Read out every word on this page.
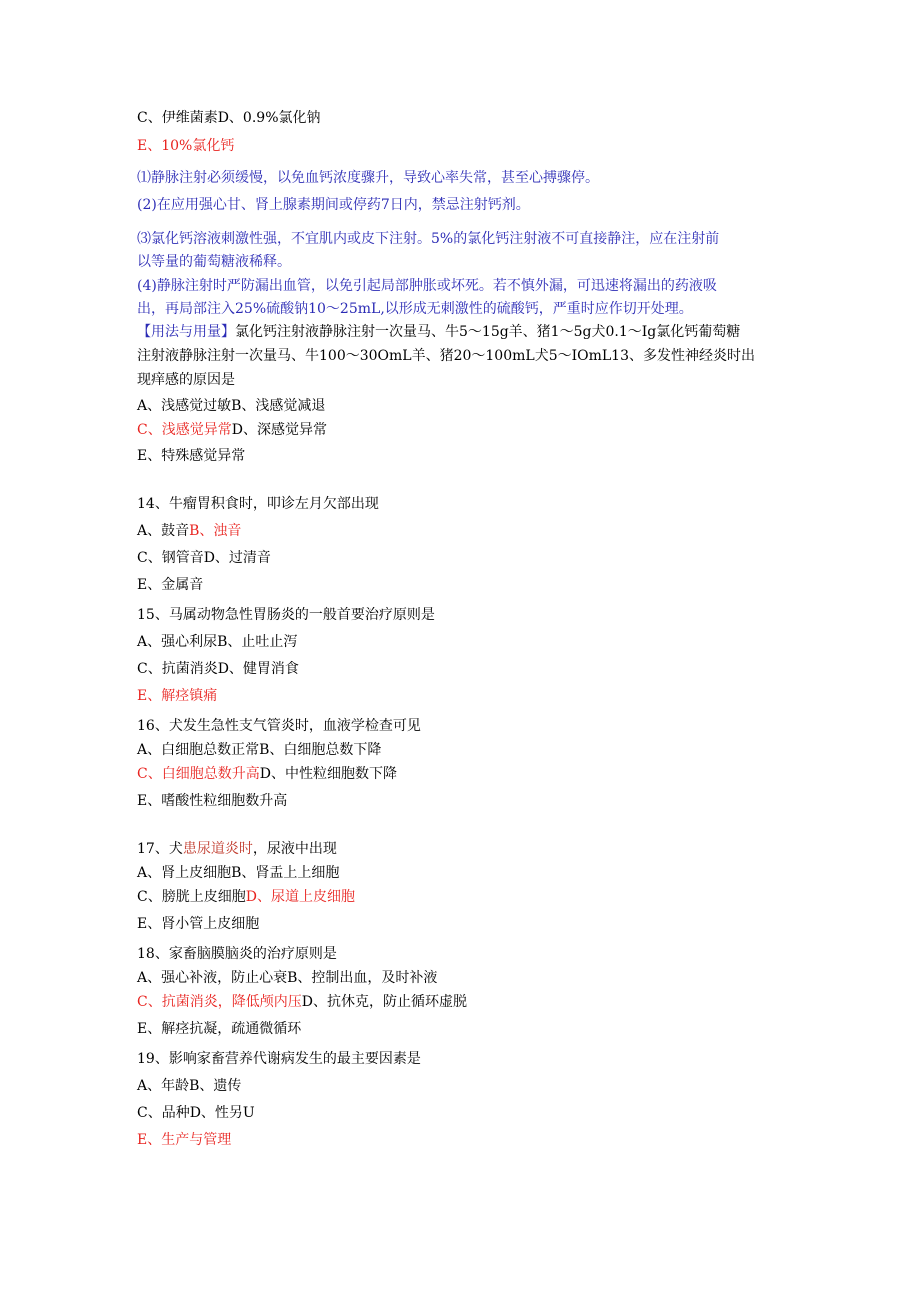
C、伊维菌素D、0.9%氯化钠
E、10%氯化钙
⑴静脉注射必须缓慢，以免血钙浓度骤升，导致心率失常，甚至心搏骤停。
(2)在应用强心甘、肾上腺素期间或停药7日内，禁忌注射钙剂。
⑶氯化钙溶液刺激性强，不宜肌内或皮下注射。5%的氯化钙注射液不可直接静注，应在注射前
以等量的葡萄糖液稀释。
(4)静脉注射时严防漏出血管，以免引起局部肿胀或坏死。若不慎外漏，可迅速将漏出的药液吸
出，再局部注入25%硫酸钠10～25mL,以形成无刺激性的硫酸钙，严重时应作切开处理。
【用法与用量】氯化钙注射液静脉注射一次量马、牛5～15g羊、猪1～5g犬0.1～Ig氯化钙葡萄糖
注射液静脉注射一次量马、牛100～30OmL羊、猪20～100mL犬5～IOmL13、多发性神经炎时出
现痒感的原因是
A、浅感觉过敏B、浅感觉减退
C、浅感觉异常D、深感觉异常
E、特殊感觉异常
14、牛瘤胃积食时，叩诊左月欠部出现
A、鼓音B、浊音
C、钢管音D、过清音
E、金属音
15、马属动物急性胃肠炎的一般首要治疗原则是
A、强心利尿B、止吐止泻
C、抗菌消炎D、健胃消食
E、解痉镇痛
16、犬发生急性支气管炎时，血液学检查可见
A、白细胞总数正常B、白细胞总数下降
C、白细胞总数升高D、中性粒细胞数下降
E、嗜酸性粒细胞数升高
17、犬患尿道炎时，尿液中出现
A、肾上皮细胞B、肾盂上上细胞
C、膀胱上皮细胞D、尿道上皮细胞
E、肾小管上皮细胞
18、家畜脑膜脑炎的治疗原则是
A、强心补液，防止心衰B、控制出血，及时补液
C、抗菌消炎，降低颅内压D、抗休克，防止循环虚脱
E、解痉抗凝，疏通微循环
19、影响家畜营养代谢病发生的最主要因素是
A、年龄B、遗传
C、品种D、性另U
E、生产与管理
